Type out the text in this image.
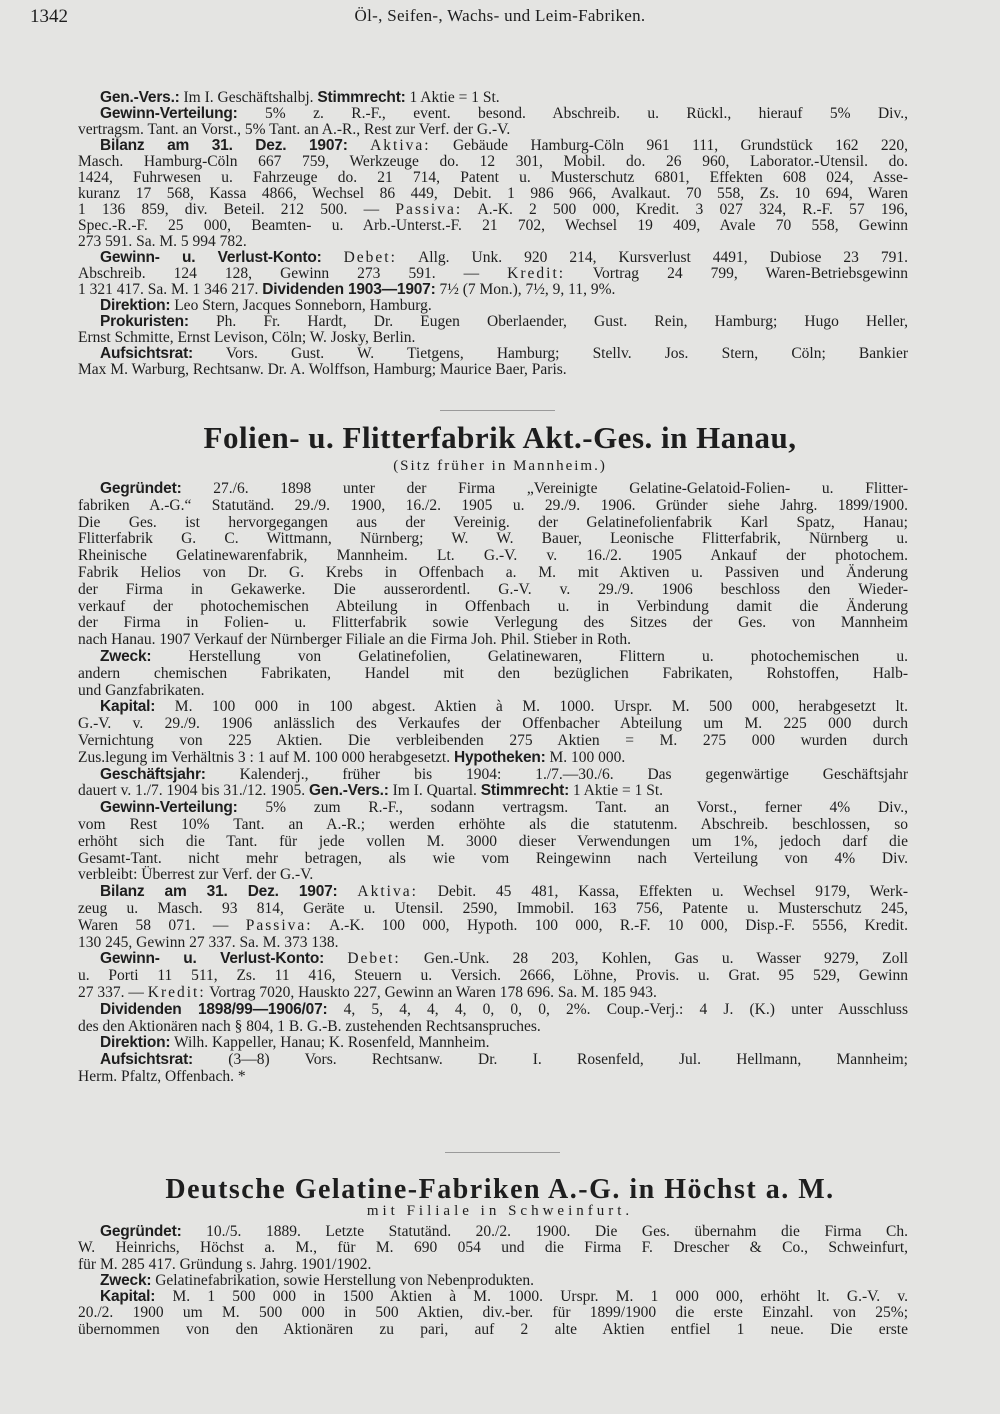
1342	Öl-, Seifen-, Wachs- und Leim-Fabriken.
Gen.-Vers.: Im I. Geschäftshalbj. Stimmrecht: 1 Aktie = 1 St.
Gewinn-Verteilung: 5% z. R.-F., event. besond. Abschreib. u. Rückl., hierauf 5% Div.,
vertragsm. Tant. an Vorst., 5% Tant. an A.-R., Rest zur Verf. der G.-V.
Bilanz am 31. Dez. 1907: Aktiva: Gebäude Hamburg-Cöln 961 111, Grundstück 162 220,
Masch. Hamburg-Cöln 667 759, Werkzeuge do. 12 301, Mobil. do. 26 960, Laborator.-Utensil. do.
1424, Fuhrwesen u. Fahrzeuge do. 21 714, Patent u. Musterschutz 6801, Effekten 608 024, Asse-
kuranz 17 568, Kassa 4866, Wechsel 86 449, Debit. 1 986 966, Avalkaut. 70 558, Zs. 10 694, Waren
1 136 859, div. Beteil. 212 500. — Passiva: A.-K. 2 500 000, Kredit. 3 027 324, R.-F. 57 196,
Spec.-R.-F. 25 000, Beamten- u. Arb.-Unterst.-F. 21 702, Wechsel 19 409, Avale 70 558, Gewinn
273 591. Sa. M. 5 994 782.
Gewinn- u. Verlust-Konto: Debet: Allg. Unk. 920 214, Kursverlust 4491, Dubiose 23 791.
Abschreib. 124 128, Gewinn 273 591. — Kredit: Vortrag 24 799, Waren-Betriebsgewinn
1 321 417. Sa. M. 1 346 217. Dividenden 1903—1907: 7½ (7 Mon.), 7½, 9, 11, 9%.
Direktion: Leo Stern, Jacques Sonneborn, Hamburg.
Prokuristen: Ph. Fr. Hardt, Dr. Eugen Oberlaender, Gust. Rein, Hamburg; Hugo Heller,
Ernst Schmitte, Ernst Levison, Cöln; W. Josky, Berlin.
Aufsichtsrat: Vors. Gust. W. Tietgens, Hamburg; Stellv. Jos. Stern, Cöln; Bankier
Max M. Warburg, Rechtsanw. Dr. A. Wolffson, Hamburg; Maurice Baer, Paris.
Folien- u. Flitterfabrik Akt.-Ges. in Hanau,
(Sitz früher in Mannheim.)
Gegründet: 27./6. 1898 unter der Firma „Vereinigte Gelatine-Gelatoid-Folien- u. Flitter-
fabriken A.-G.“ Statutänd. 29./9. 1900, 16./2. 1905 u. 29./9. 1906. Gründer siehe Jahrg. 1899/1900.
Die Ges. ist hervorgegangen aus der Vereinig. der Gelatinefolienfabrik Karl Spatz, Hanau;
Flitterfabrik G. C. Wittmann, Nürnberg; W. W. Bauer, Leonische Flitterfabrik, Nürnberg u.
Rheinische Gelatinewarenfabrik, Mannheim. Lt. G.-V. v. 16./2. 1905 Ankauf der photochem.
Fabrik Helios von Dr. G. Krebs in Offenbach a. M. mit Aktiven u. Passiven und Änderung
der Firma in Gekawerke. Die ausserordentl. G.-V. v. 29./9. 1906 beschloss den Wieder-
verkauf der photochemischen Abteilung in Offenbach u. in Verbindung damit die Änderung
der Firma in Folien- u. Flitterfabrik sowie Verlegung des Sitzes der Ges. von Mannheim
nach Hanau. 1907 Verkauf der Nürnberger Filiale an die Firma Joh. Phil. Stieber in Roth.
Zweck: Herstellung von Gelatinefolien, Gelatinewaren, Flittern u. photochemischen u.
andern chemischen Fabrikaten, Handel mit den bezüglichen Fabrikaten, Rohstoffen, Halb-
und Ganzfabrikaten.
Kapital: M. 100 000 in 100 abgest. Aktien à M. 1000. Urspr. M. 500 000, herabgesetzt lt.
G.-V. v. 29./9. 1906 anlässlich des Verkaufes der Offenbacher Abteilung um M. 225 000 durch
Vernichtung von 225 Aktien. Die verbleibenden 275 Aktien = M. 275 000 wurden durch
Zus.legung im Verhältnis 3 : 1 auf M. 100 000 herabgesetzt. Hypotheken: M. 100 000.
Geschäftsjahr: Kalenderj., früher bis 1904: 1./7.—30./6. Das gegenwärtige Geschäftsjahr
dauert v. 1./7. 1904 bis 31./12. 1905. Gen.-Vers.: Im I. Quartal. Stimmrecht: 1 Aktie = 1 St.
Gewinn-Verteilung: 5% zum R.-F., sodann vertragsm. Tant. an Vorst., ferner 4% Div.,
vom Rest 10% Tant. an A.-R.; werden erhöhte als die statutenm. Abschreib. beschlossen, so
erhöht sich die Tant. für jede vollen M. 3000 dieser Verwendungen um 1%, jedoch darf die
Gesamt-Tant. nicht mehr betragen, als wie vom Reingewinn nach Verteilung von 4% Div.
verbleibt: Überrest zur Verf. der G.-V.
Bilanz am 31. Dez. 1907: Aktiva: Debit. 45 481, Kassa, Effekten u. Wechsel 9179, Werk-
zeug u. Masch. 93 814, Geräte u. Utensil. 2590, Immobil. 163 756, Patente u. Musterschutz 245,
Waren 58 071. — Passiva: A.-K. 100 000, Hypoth. 100 000, R.-F. 10 000, Disp.-F. 5556, Kredit.
130 245, Gewinn 27 337. Sa. M. 373 138.
Gewinn- u. Verlust-Konto: Debet: Gen.-Unk. 28 203, Kohlen, Gas u. Wasser 9279, Zoll
u. Porti 11 511, Zs. 11 416, Steuern u. Versich. 2666, Löhne, Provis. u. Grat. 95 529, Gewinn
27 337. — Kredit: Vortrag 7020, Hauskto 227, Gewinn an Waren 178 696. Sa. M. 185 943.
Dividenden 1898/99—1906/07: 4, 5, 4, 4, 4, 0, 0, 0, 2%. Coup.-Verj.: 4 J. (K.) unter Ausschluss
des den Aktionären nach § 804, 1 B. G.-B. zustehenden Rechtsanspruches.
Direktion: Wilh. Kappeller, Hanau; K. Rosenfeld, Mannheim.
Aufsichtsrat: (3—8) Vors. Rechtsanw. Dr. I. Rosenfeld, Jul. Hellmann, Mannheim;
Herm. Pfaltz, Offenbach. *
Deutsche Gelatine-Fabriken A.-G. in Höchst a. M.
mit Filiale in Schweinfurt.
Gegründet: 10./5. 1889. Letzte Statutänd. 20./2. 1900. Die Ges. übernahm die Firma Ch.
W. Heinrichs, Höchst a. M., für M. 690 054 und die Firma F. Drescher & Co., Schweinfurt,
für M. 285 417. Gründung s. Jahrg. 1901/1902.
Zweck: Gelatinefabrikation, sowie Herstellung von Nebenprodukten.
Kapital: M. 1 500 000 in 1500 Aktien à M. 1000. Urspr. M. 1 000 000, erhöht lt. G.-V. v.
20./2. 1900 um M. 500 000 in 500 Aktien, div.-ber. für 1899/1900 die erste Einzahl. von 25%;
übernommen von den Aktionären zu pari, auf 2 alte Aktien entfiel 1 neue. Die erste
